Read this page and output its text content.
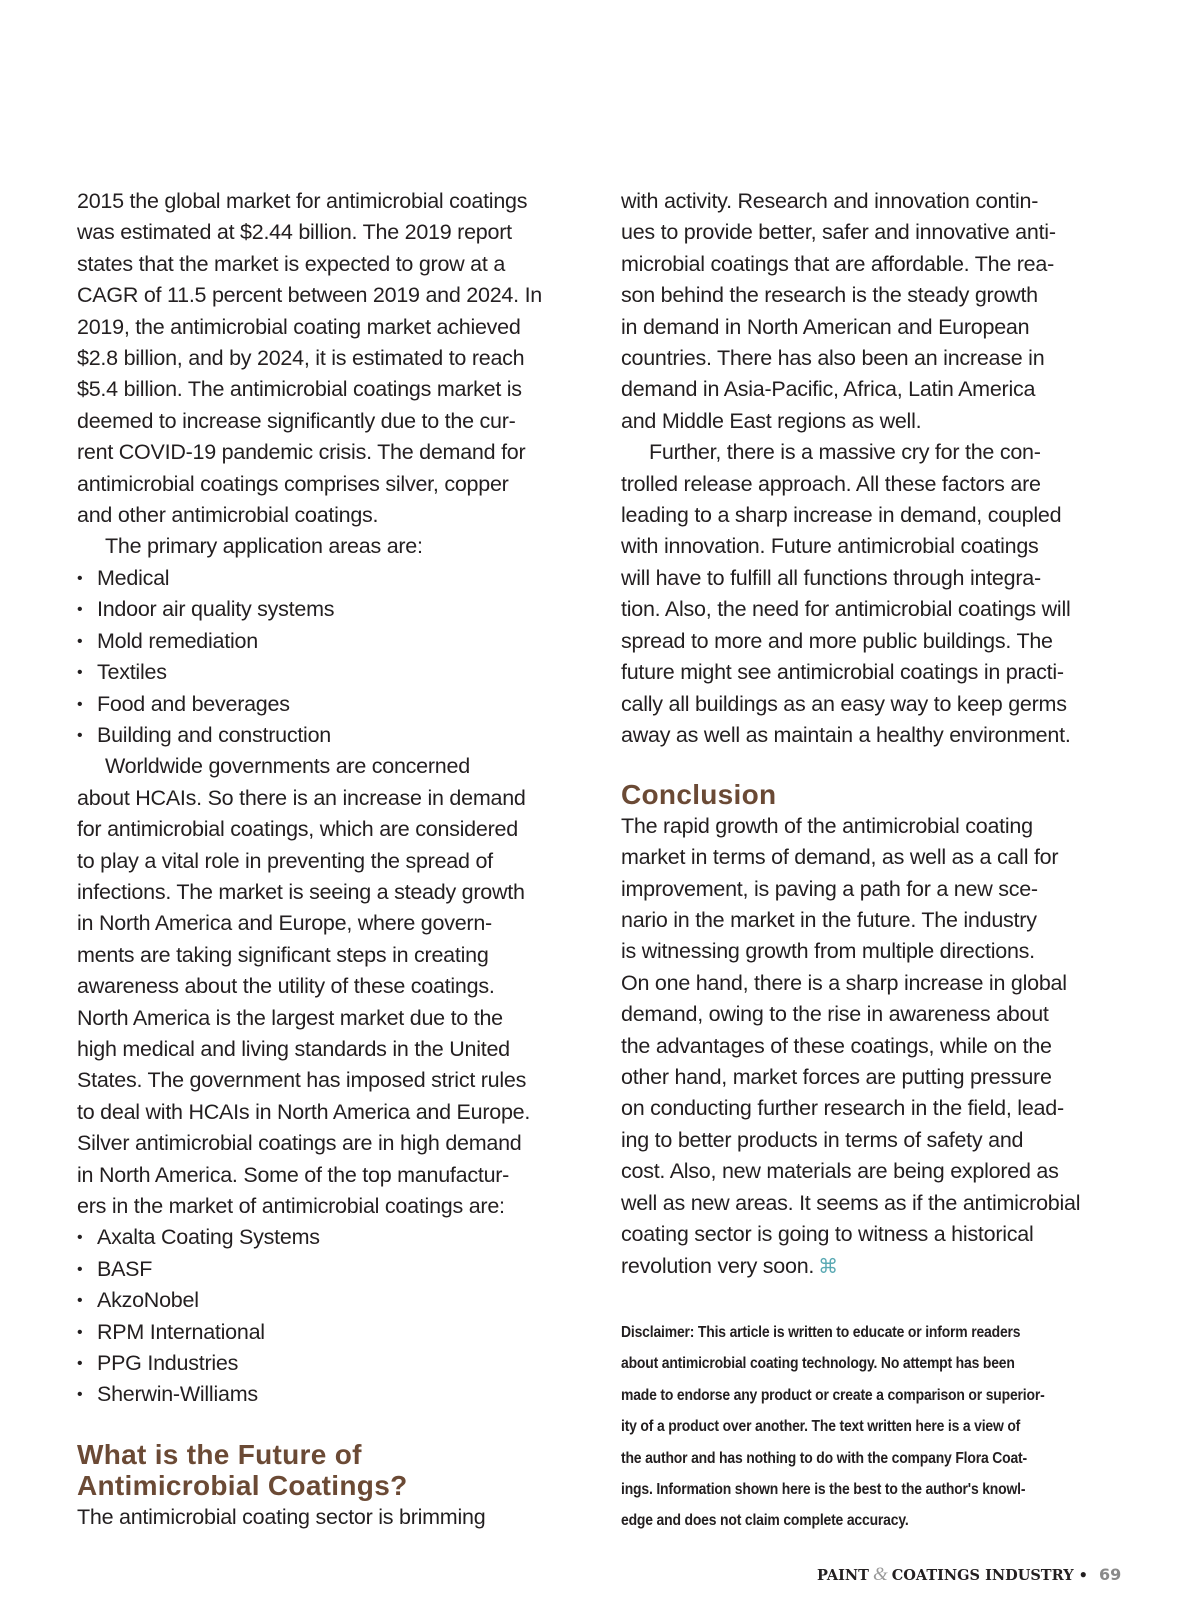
2015 the global market for antimicrobial coatings
was estimated at $2.44 billion. The 2019 report
states that the market is expected to grow at a
CAGR of 11.5 percent between 2019 and 2024. In
2019, the antimicrobial coating market achieved
$2.8 billion, and by 2024, it is estimated to reach
$5.4 billion. The antimicrobial coatings market is
deemed to increase significantly due to the cur-
rent COVID-19 pandemic crisis. The demand for
antimicrobial coatings comprises silver, copper
and other antimicrobial coatings.
The primary application areas are:
• Medical
• Indoor air quality systems
• Mold remediation
• Textiles
• Food and beverages
• Building and construction
Worldwide governments are concerned
about HCAIs. So there is an increase in demand
for antimicrobial coatings, which are considered
to play a vital role in preventing the spread of
infections. The market is seeing a steady growth
in North America and Europe, where govern-
ments are taking significant steps in creating
awareness about the utility of these coatings.
North America is the largest market due to the
high medical and living standards in the United
States. The government has imposed strict rules
to deal with HCAIs in North America and Europe.
Silver antimicrobial coatings are in high demand
in North America. Some of the top manufactur-
ers in the market of antimicrobial coatings are:
• Axalta Coating Systems
• BASF
• AkzoNobel
• RPM International
• PPG Industries
• Sherwin-Williams
What is the Future of
Antimicrobial Coatings?
The antimicrobial coating sector is brimming
with activity. Research and innovation contin-
ues to provide better, safer and innovative anti-
microbial coatings that are affordable. The rea-
son behind the research is the steady growth
in demand in North American and European
countries. There has also been an increase in
demand in Asia-Pacific, Africa, Latin America
and Middle East regions as well.
Further, there is a massive cry for the con-
trolled release approach. All these factors are
leading to a sharp increase in demand, coupled
with innovation. Future antimicrobial coatings
will have to fulfill all functions through integra-
tion. Also, the need for antimicrobial coatings will
spread to more and more public buildings. The
future might see antimicrobial coatings in practi-
cally all buildings as an easy way to keep germs
away as well as maintain a healthy environment.
Conclusion
The rapid growth of the antimicrobial coating
market in terms of demand, as well as a call for
improvement, is paving a path for a new sce-
nario in the market in the future. The industry
is witnessing growth from multiple directions.
On one hand, there is a sharp increase in global
demand, owing to the rise in awareness about
the advantages of these coatings, while on the
other hand, market forces are putting pressure
on conducting further research in the field, lead-
ing to better products in terms of safety and
cost. Also, new materials are being explored as
well as new areas. It seems as if the antimicrobial
coating sector is going to witness a historical
revolution very soon. ⌘
Disclaimer: This article is written to educate or inform readers
about antimicrobial coating technology. No attempt has been
made to endorse any product or create a comparison or superior-
ity of a product over another. The text written here is a view of
the author and has nothing to do with the company Flora Coat-
ings. Information shown here is the best to the author's knowl-
edge and does not claim complete accuracy.
PAINT & COATINGS INDUSTRY • 69
